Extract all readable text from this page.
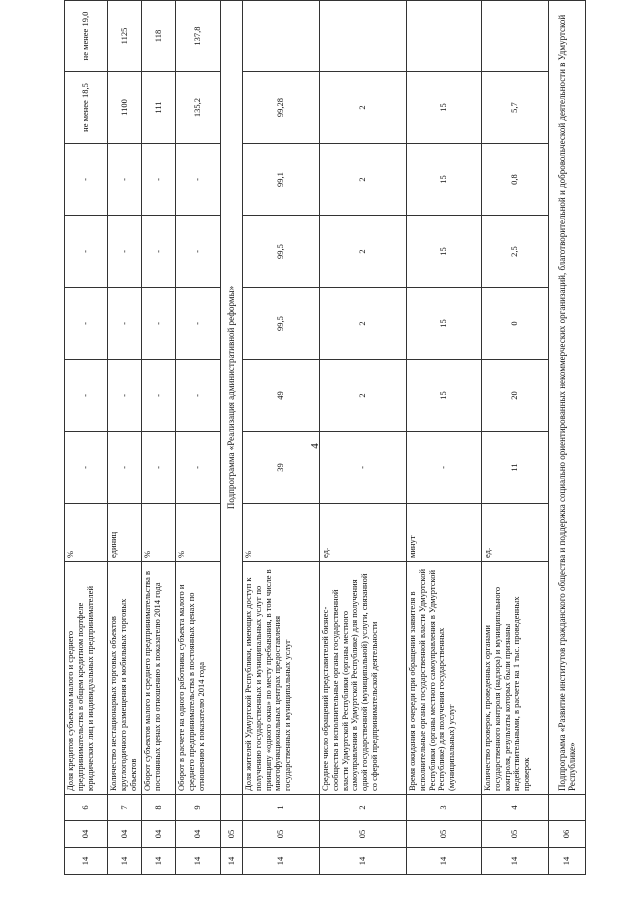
4
14	04	6	Доля кредитов субъектам малого и среднего предпринимательства в общем кредитном портфеле юридических лиц и индивидуальных предпринимателей	%	-	-	-	-	-	не менее 18,5	не менее 19,0
14	04	7	Количество нестационарных торговых объектов круглогодичного размещения и мобильных торговых объектов	единиц	-	-	-	-	-	1100	1125
14	04	8	Оборот субъектов малого и среднего предпринимательства в постоянных ценах по отношению к показателю 2014 года	%	-	-	-	-	-	111	118
14	04	9	Оборот в расчете на одного работника субъекта малого и среднего предпринимательства в постоянных ценах по отношению к показателю 2014 года	%	-	-	-	-	-	135,2	137,8
14	05		Подпрограмма «Реализация административной реформы»								
14	05	1	Доля жителей Удмуртской Республики, имеющих доступ к получению государственных и муниципальных услуг по принципу «одного окна» по месту пребывания, в том числе в многофункциональных центрах предоставления государственных и муниципальных услуг	%	39	49	99,5	99,5	99,1	99,28	
14	05	2	Среднее число обращений представителей бизнес-сообщества в исполнительные органы государственной власти Удмуртской Республики (органы местного самоуправления в Удмуртской Республике) для получения одной государственной (муниципальной) услуги, связанной со сферой предпринимательской деятельности	ед.	-	2	2	2	2	2	
14	05	3	Время ожидания в очереди при обращении заявителя в исполнительные органы государственной власти Удмуртской Республики (органы местного самоуправления в Удмуртской Республике) для получения государственных (муниципальных) услуг	минут	-	15	15	15	15	15	
14	05	4	Количество проверок, проведенных органами государственного контроля (надзора) и муниципального контроля, результаты которых были признаны недействительными, в расчете на 1 тыс. проведенных проверок	ед.	11	20	0	2,5	0,8	5,7	
14	06		Подпрограмма «Развитие институтов гражданского общества и поддержка социально ориентированных некоммерческих организаций, благотворительной и добровольческой деятельности в Удмуртской Республике»								
